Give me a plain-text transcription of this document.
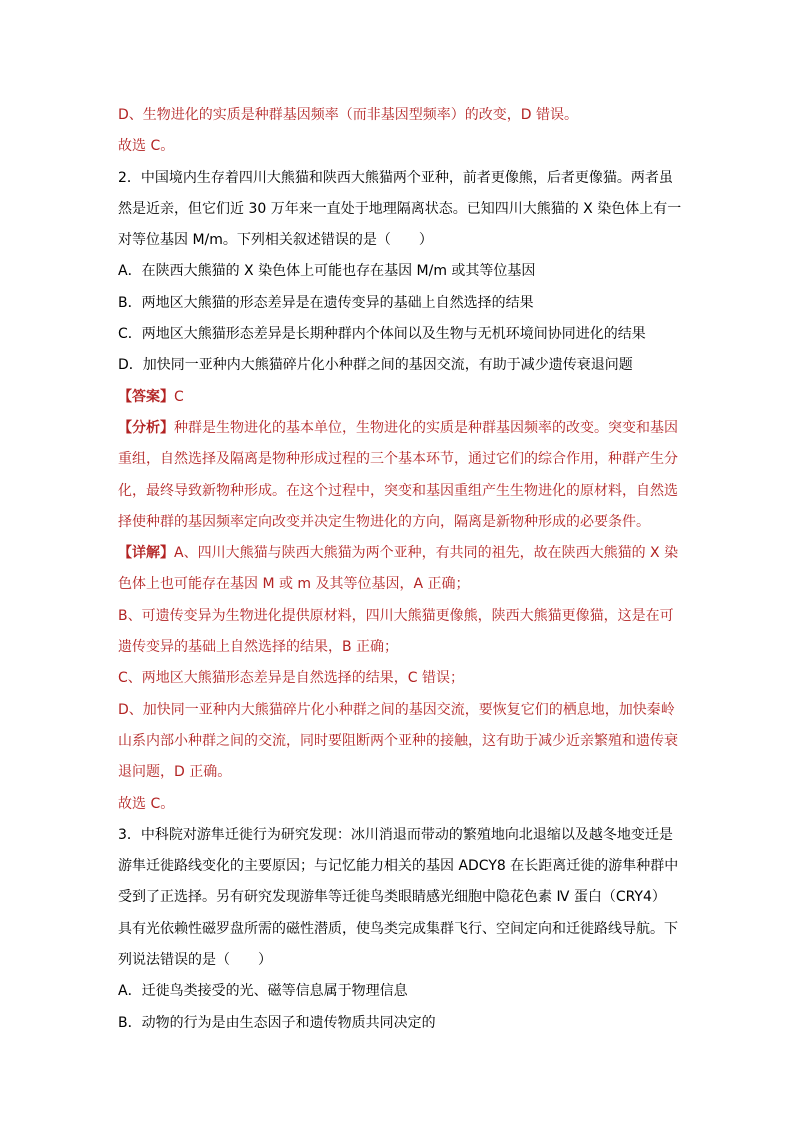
D、生物进化的实质是种群基因频率（而非基因型频率）的改变，D 错误。
故选 C。
2．中国境内生存着四川大熊猫和陕西大熊猫两个亚种，前者更像熊，后者更像猫。两者虽
然是近亲，但它们近 30 万年来一直处于地理隔离状态。已知四川大熊猫的 X 染色体上有一
对等位基因 M/m。下列相关叙述错误的是（　　）
A．在陕西大熊猫的 X 染色体上可能也存在基因 M/m 或其等位基因
B．两地区大熊猫的形态差异是在遗传变异的基础上自然选择的结果
C．两地区大熊猫形态差异是长期种群内个体间以及生物与无机环境间协同进化的结果
D．加快同一亚种内大熊猫碎片化小种群之间的基因交流，有助于减少遗传衰退问题
【答案】C
【分析】种群是生物进化的基本单位，生物进化的实质是种群基因频率的改变。突变和基因
重组，自然选择及隔离是物种形成过程的三个基本环节，通过它们的综合作用，种群产生分
化，最终导致新物种形成。在这个过程中，突变和基因重组产生生物进化的原材料，自然选
择使种群的基因频率定向改变并决定生物进化的方向，隔离是新物种形成的必要条件。
【详解】A、四川大熊猫与陕西大熊猫为两个亚种，有共同的祖先，故在陕西大熊猫的 X 染
色体上也可能存在基因 M 或 m 及其等位基因，A 正确；
B、可遗传变异为生物进化提供原材料，四川大熊猫更像熊，陕西大熊猫更像猫，这是在可
遗传变异的基础上自然选择的结果，B 正确；
C、两地区大熊猫形态差异是自然选择的结果，C 错误；
D、加快同一亚种内大熊猫碎片化小种群之间的基因交流，要恢复它们的栖息地，加快秦岭
山系内部小种群之间的交流，同时要阻断两个亚种的接触，这有助于减少近亲繁殖和遗传衰
退问题，D 正确。
故选 C。
3．中科院对游隼迁徙行为研究发现：冰川消退而带动的繁殖地向北退缩以及越冬地变迁是
游隼迁徙路线变化的主要原因；与记忆能力相关的基因 ADCY8 在长距离迁徙的游隼种群中
受到了正选择。另有研究发现游隼等迁徙鸟类眼睛感光细胞中隐花色素 Ⅳ 蛋白（CRY4）
具有光依赖性磁罗盘所需的磁性潜质，使鸟类完成集群飞行、空间定向和迁徙路线导航。下
列说法错误的是（　　）
A．迁徙鸟类接受的光、磁等信息属于物理信息
B．动物的行为是由生态因子和遗传物质共同决定的
